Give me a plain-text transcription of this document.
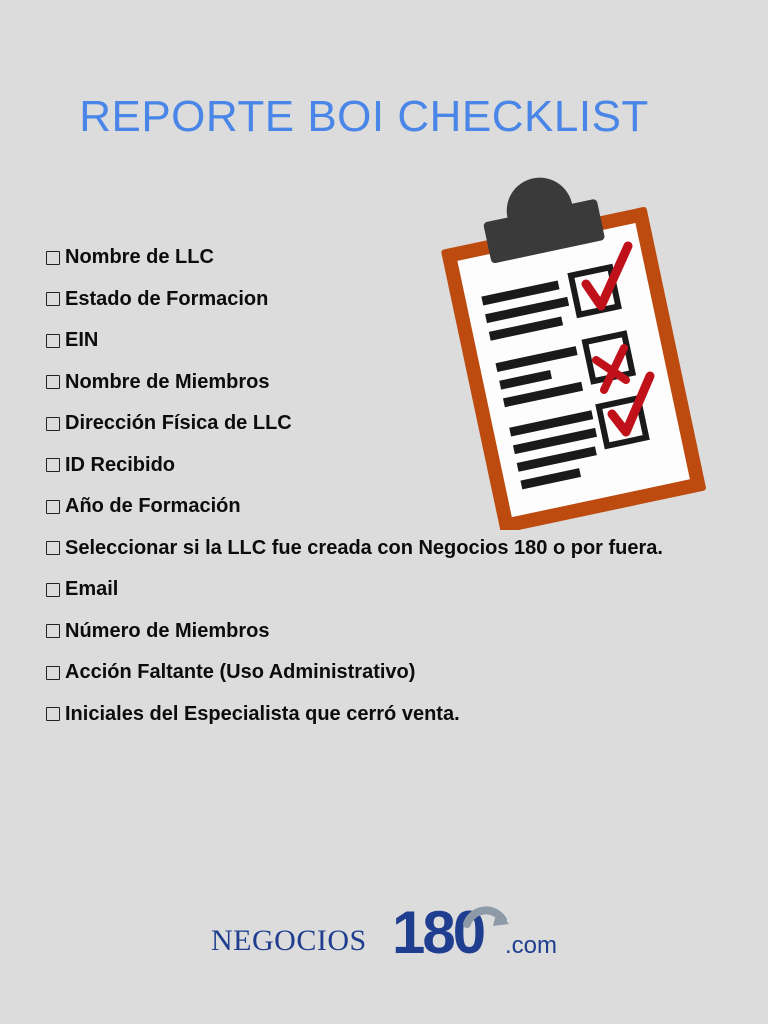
REPORTE BOI CHECKLIST
Nombre de LLC
Estado de Formacion
EIN
Nombre de Miembros
Dirección Física de LLC
ID Recibido
Año de Formación
Seleccionar si la LLC fue creada con Negocios 180 o por fuera.
Email
Número de Miembros
Acción Faltante (Uso Administrativo)
Iniciales del Especialista que cerró venta.
NEGOCIOS 180 .com
